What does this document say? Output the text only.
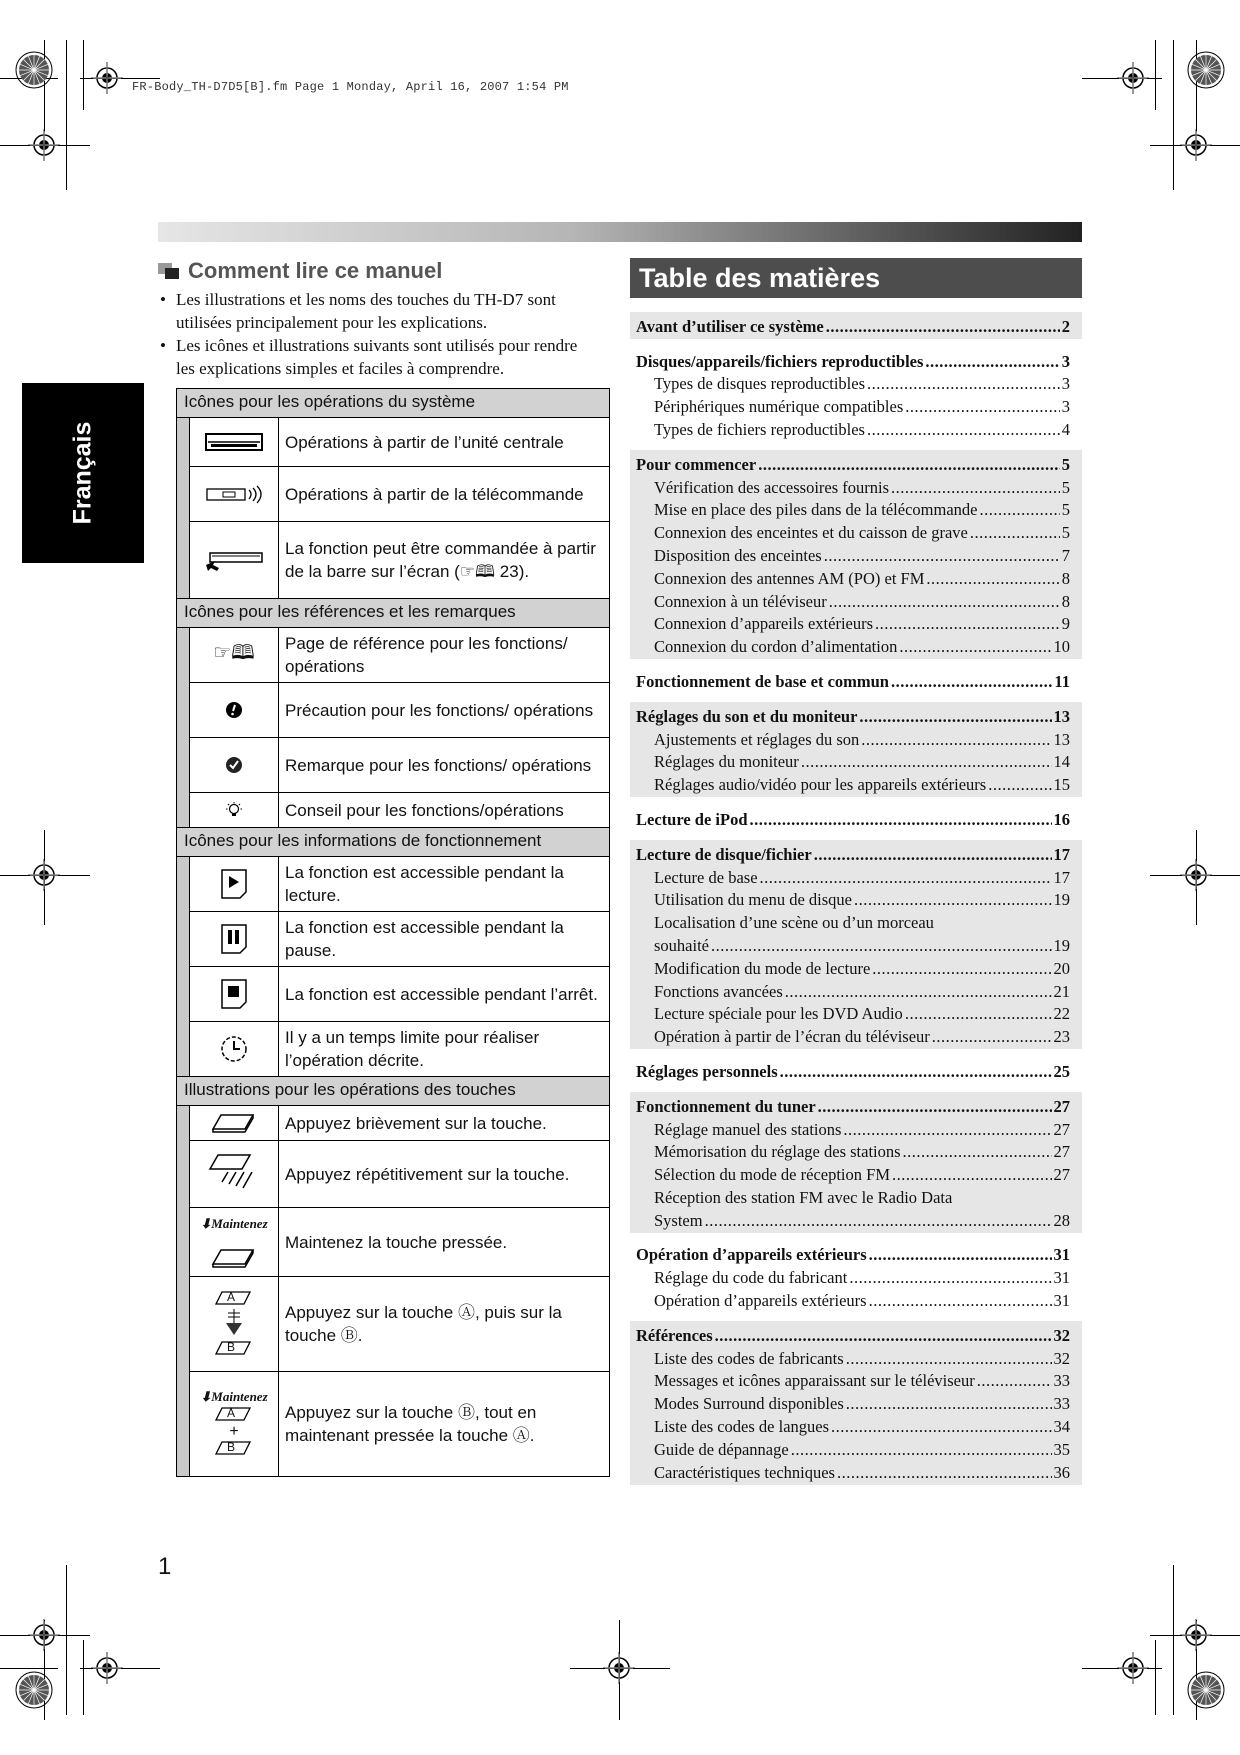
FR-Body_TH-D7D5[B].fm Page 1 Monday, April 16, 2007 1:54 PM
Français
Comment lire ce manuel
• Les illustrations et les noms des touches du TH-D7 sont utilisées principalement pour les explications.
• Les icônes et illustrations suivants sont utilisés pour rendre les explications simples et faciles à comprendre.
Icônes pour les opérations du système
Opérations à partir de l’unité centrale
Opérations à partir de la télécommande
La fonction peut être commandée à partir de la barre sur l’écran (☞🕮 23).
Icônes pour les références et les remarques
☞🕮	Page de référence pour les fonctions/ opérations
Précaution pour les fonctions/ opérations
Remarque pour les fonctions/ opérations
Conseil pour les fonctions/opérations
Icônes pour les informations de fonctionnement
La fonction est accessible pendant la lecture.
La fonction est accessible pendant la pause.
La fonction est accessible pendant l’arrêt.
Il y a un temps limite pour réaliser l’opération décrite.
Illustrations pour les opérations des touches
Appuyez brièvement sur la touche.
Appuyez répétitivement sur la touche.
⬇Maintenez
Maintenez la touche pressée.
A
B
Appuyez sur la touche Ⓐ, puis sur la touche Ⓑ.
⬇Maintenez
A
+
B
Appuyez sur la touche Ⓑ, tout en maintenant pressée la touche Ⓐ.
Table des matières
Avant d’utiliser ce système .....	2
Disques/appareils/fichiers reproductibles .....	3
Types de disques reproductibles .....	3
Périphériques numérique compatibles .....	3
Types de fichiers reproductibles .....	4
Pour commencer .....	5
Vérification des accessoires fournis .....	5
Mise en place des piles dans de la télécommande .....	5
Connexion des enceintes et du caisson de grave .....	5
Disposition des enceintes .....	7
Connexion des antennes AM (PO) et FM .....	8
Connexion à un téléviseur .....	8
Connexion d’appareils extérieurs .....	9
Connexion du cordon d’alimentation .....	10
Fonctionnement de base et commun .....	11
Réglages du son et du moniteur .....	13
Ajustements et réglages du son .....	13
Réglages du moniteur .....	14
Réglages audio/vidéo pour les appareils extérieurs .....	15
Lecture de iPod .....	16
Lecture de disque/fichier .....	17
Lecture de base .....	17
Utilisation du menu de disque .....	19
Localisation d’une scène ou d’un morceau
souhaité .....	19
Modification du mode de lecture .....	20
Fonctions avancées .....	21
Lecture spéciale pour les DVD Audio .....	22
Opération à partir de l’écran du téléviseur .....	23
Réglages personnels .....	25
Fonctionnement du tuner .....	27
Réglage manuel des stations .....	27
Mémorisation du réglage des stations .....	27
Sélection du mode de réception FM .....	27
Réception des station FM avec le Radio Data
System .....	28
Opération d’appareils extérieurs .....	31
Réglage du code du fabricant .....	31
Opération d’appareils extérieurs .....	31
Références .....	32
Liste des codes de fabricants .....	32
Messages et icônes apparaissant sur le téléviseur .....	33
Modes Surround disponibles .....	33
Liste des codes de langues .....	34
Guide de dépannage .....	35
Caractéristiques techniques .....	36
1
